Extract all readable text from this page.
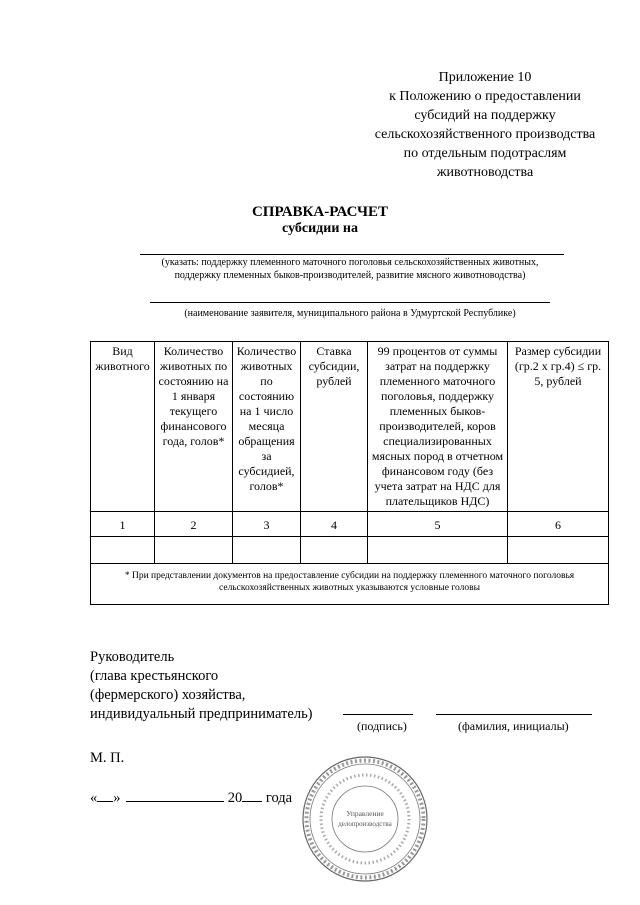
Приложение 10
к Положению о предоставлении
субсидий на поддержку
сельскохозяйственного производства
по отдельным подотраслям
животноводства
СПРАВКА-РАСЧЕТ
субсидии на
(указать: поддержку племенного маточного поголовья сельскохозяйственных животных,
поддержку племенных быков-производителей, развитие мясного животноводства)
(наименование заявителя, муниципального района в Удмуртской Республике)
Вид животного	Количество животных по состоянию на 1 января текущего финансового года, голов*	Количество животных по состоянию на 1 число месяца обращения за субсидией, голов*	Ставка субсидии, рублей	99 процентов от суммы затрат на поддержку племенного маточного поголовья, поддержку племенных быков-производителей, коров специализированных мясных пород в отчетном финансовом году (без учета затрат на НДС для плательщиков НДС)	Размер субсидии (гр.2 x гр.4) ≤ гр. 5, рублей
1	2	3	4	5	6

* При представлении документов на предоставление субсидии на поддержку племенного маточного поголовья сельскохозяйственных животных указываются условные головы					
Руководитель
(глава крестьянского
(фермерского) хозяйства,
индивидуальный предприниматель)
(подпись)	(фамилия, инициалы)
М. П.
« »	20 года
Управление
делопроизводства
